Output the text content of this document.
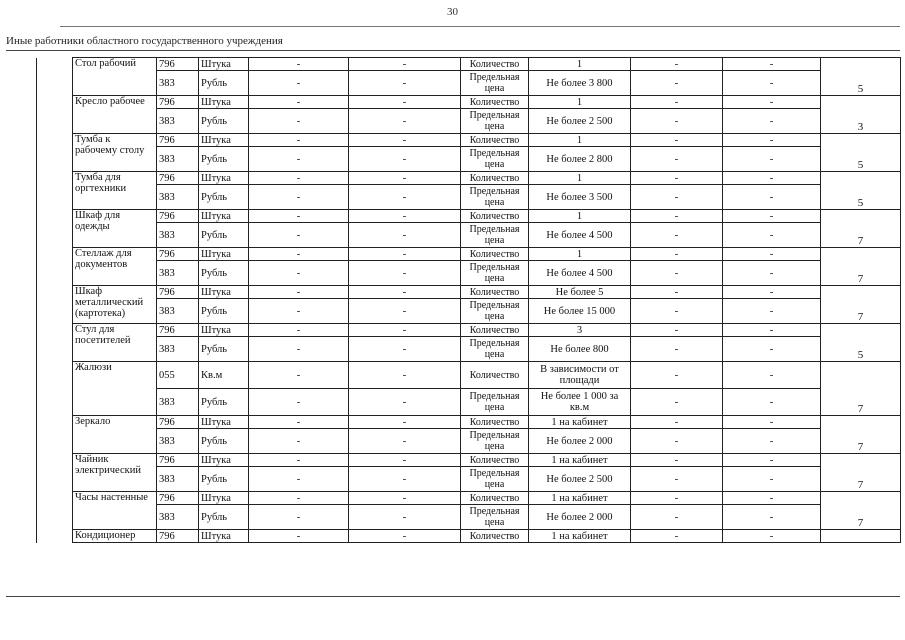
30
Иные работники областного государственного учреждения
	Стол рабочий	796	Штука	-	-	Количество	1	-	-	5
		383	Рубль	-	-	Предельная цена	Не более 3 800	-	-	
	Кресло рабочее	796	Штука	-	-	Количество	1	-	-	3
		383	Рубль	-	-	Предельная цена	Не более 2 500	-	-	
	Тумба к рабочему столу	796	Штука	-	-	Количество	1	-	-	5
		383	Рубль	-	-	Предельная цена	Не более 2 800	-	-	
	Тумба для оргтехники	796	Штука	-	-	Количество	1	-	-	5
		383	Рубль	-	-	Предельная цена	Не более 3 500	-	-	
	Шкаф для одежды	796	Штука	-	-	Количество	1	-	-	7
		383	Рубль	-	-	Предельная цена	Не более 4 500	-	-	
	Стеллаж для документов	796	Штука	-	-	Количество	1	-	-	7
		383	Рубль	-	-	Предельная цена	Не более 4 500	-	-	
	Шкаф металлический (картотека)	796	Штука	-	-	Количество	Не более 5	-	-	7
		383	Рубль	-	-	Предельная цена	Не более 15 000	-	-	
	Стул для посетителей	796	Штука	-	-	Количество	3	-	-	5
		383	Рубль	-	-	Предельная цена	Не более 800	-	-	
	Жалюзи	055	Кв.м	-	-	Количество	В зависимости от площади	-	-	7
		383	Рубль	-	-	Предельная цена	Не более 1 000 за кв.м	-	-	
	Зеркало	796	Штука	-	-	Количество	1 на кабинет	-	-	7
		383	Рубль	-	-	Предельная цена	Не более 2 000	-	-	
	Чайник электрический	796	Штука	-	-	Количество	1 на кабинет	-	-	7
		383	Рубль	-	-	Предельная цена	Не более 2 500	-	-	
	Часы настенные	796	Штука	-	-	Количество	1 на кабинет	-	-	7
		383	Рубль	-	-	Предельная цена	Не более 2 000	-	-	
	Кондиционер	796	Штука	-	-	Количество	1 на кабинет	-	-	
